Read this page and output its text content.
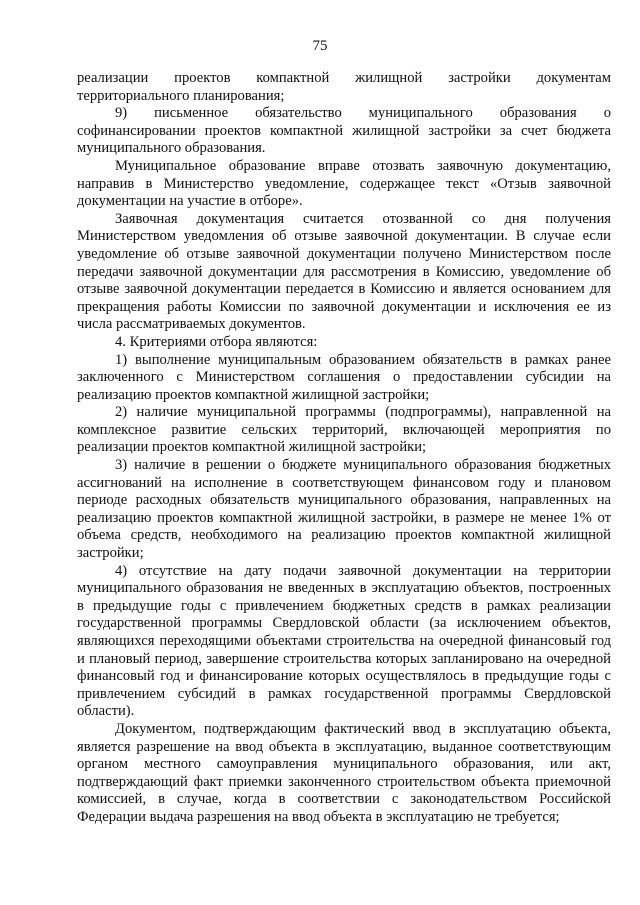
75

реализации проектов компактной жилищной застройки документам территориального планирования;

9) письменное обязательство муниципального образования о софинансировании проектов компактной жилищной застройки за счет бюджета муниципального образования.

Муниципальное образование вправе отозвать заявочную документацию, направив в Министерство уведомление, содержащее текст «Отзыв заявочной документации на участие в отборе».

Заявочная документация считается отозванной со дня получения Министерством уведомления об отзыве заявочной документации. В случае если уведомление об отзыве заявочной документации получено Министерством после передачи заявочной документации для рассмотрения в Комиссию, уведомление об отзыве заявочной документации передается в Комиссию и является основанием для прекращения работы Комиссии по заявочной документации и исключения ее из числа рассматриваемых документов.

4. Критериями отбора являются:

1) выполнение муниципальным образованием обязательств в рамках ранее заключенного с Министерством соглашения о предоставлении субсидии на реализацию проектов компактной жилищной застройки;

2) наличие муниципальной программы (подпрограммы), направленной на комплексное развитие сельских территорий, включающей мероприятия по реализации проектов компактной жилищной застройки;

3) наличие в решении о бюджете муниципального образования бюджетных ассигнований на исполнение в соответствующем финансовом году и плановом периоде расходных обязательств муниципального образования, направленных на реализацию проектов компактной жилищной застройки, в размере не менее 1% от объема средств, необходимого на реализацию проектов компактной жилищной застройки;

4) отсутствие на дату подачи заявочной документации на территории муниципального образования не введенных в эксплуатацию объектов, построенных в предыдущие годы с привлечением бюджетных средств в рамках реализации государственной программы Свердловской области (за исключением объектов, являющихся переходящими объектами строительства на очередной финансовый год и плановый период, завершение строительства которых запланировано на очередной финансовый год и финансирование которых осуществлялось в предыдущие годы с привлечением субсидий в рамках государственной программы Свердловской области).

Документом, подтверждающим фактический ввод в эксплуатацию объекта, является разрешение на ввод объекта в эксплуатацию, выданное соответствующим органом местного самоуправления муниципального образования, или акт, подтверждающий факт приемки законченного строительством объекта приемочной комиссией, в случае, когда в соответствии с законодательством Российской Федерации выдача разрешения на ввод объекта в эксплуатацию не требуется;
